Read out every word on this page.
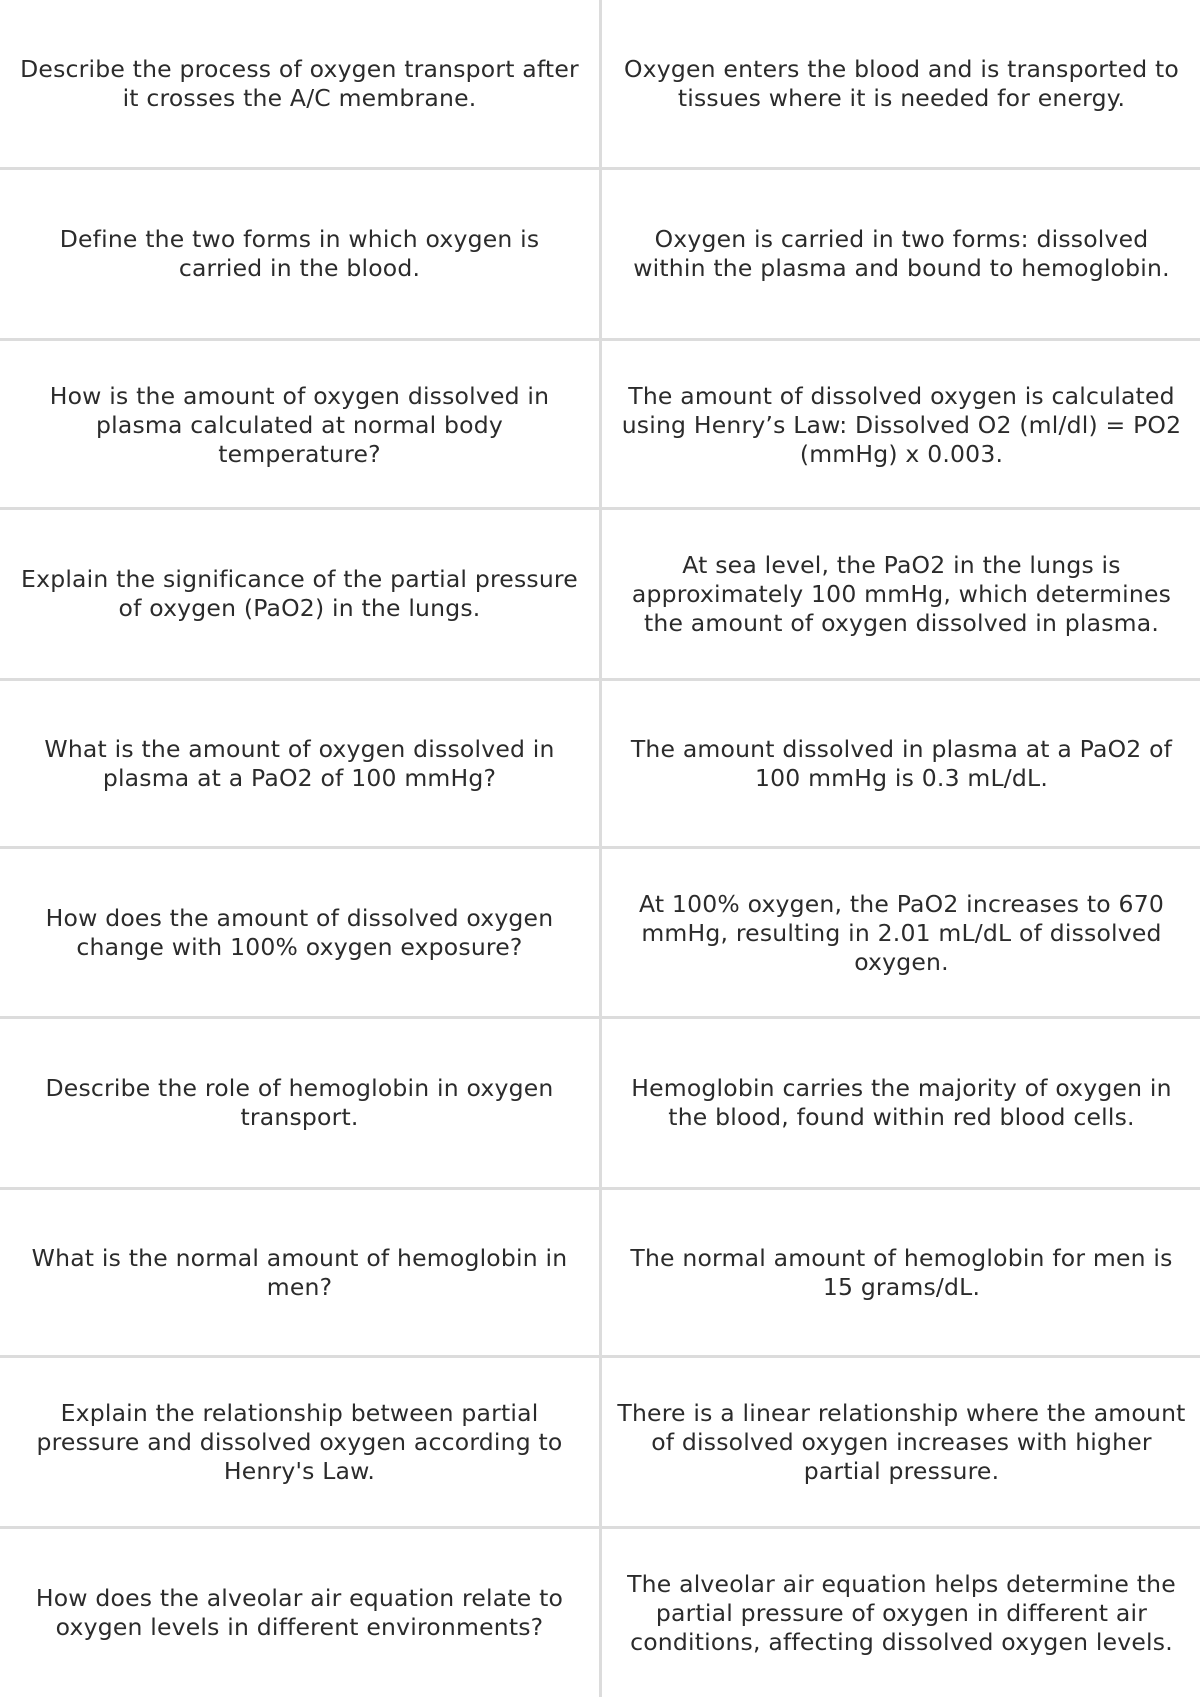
Describe the process of oxygen transport after it crosses the A/C membrane.
Oxygen enters the blood and is transported to tissues where it is needed for energy.
Define the two forms in which oxygen is carried in the blood.
Oxygen is carried in two forms: dissolved within the plasma and bound to hemoglobin.
How is the amount of oxygen dissolved in plasma calculated at normal body temperature?
The amount of dissolved oxygen is calculated using Henry’s Law: Dissolved O2 (ml/dl) = PO2 (mmHg) x 0.003.
Explain the significance of the partial pressure of oxygen (PaO2) in the lungs.
At sea level, the PaO2 in the lungs is approximately 100 mmHg, which determines the amount of oxygen dissolved in plasma.
What is the amount of oxygen dissolved in plasma at a PaO2 of 100 mmHg?
The amount dissolved in plasma at a PaO2 of 100 mmHg is 0.3 mL/dL.
How does the amount of dissolved oxygen change with 100% oxygen exposure?
At 100% oxygen, the PaO2 increases to 670 mmHg, resulting in 2.01 mL/dL of dissolved oxygen.
Describe the role of hemoglobin in oxygen transport.
Hemoglobin carries the majority of oxygen in the blood, found within red blood cells.
What is the normal amount of hemoglobin in men?
The normal amount of hemoglobin for men is 15 grams/dL.
Explain the relationship between partial pressure and dissolved oxygen according to Henry's Law.
There is a linear relationship where the amount of dissolved oxygen increases with higher partial pressure.
How does the alveolar air equation relate to oxygen levels in different environments?
The alveolar air equation helps determine the partial pressure of oxygen in different air conditions, affecting dissolved oxygen levels.
